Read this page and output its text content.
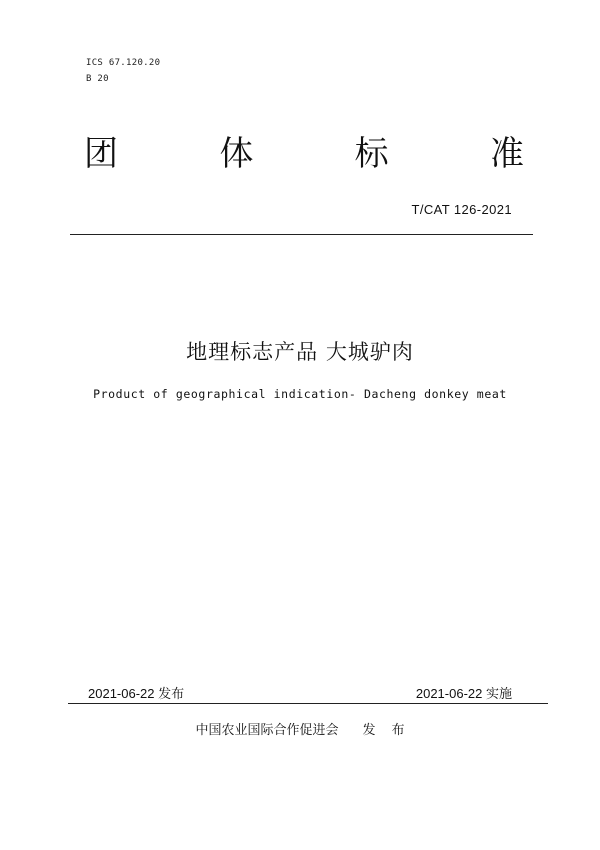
ICS 67.120.20
B 20
团	体	标	准
T/CAT 126-2021
地理标志产品 大城驴肉
Product of geographical indication- Dacheng donkey meat
2021-06-22 发布	2021-06-22 实施
中国农业国际合作促进会 发 布
